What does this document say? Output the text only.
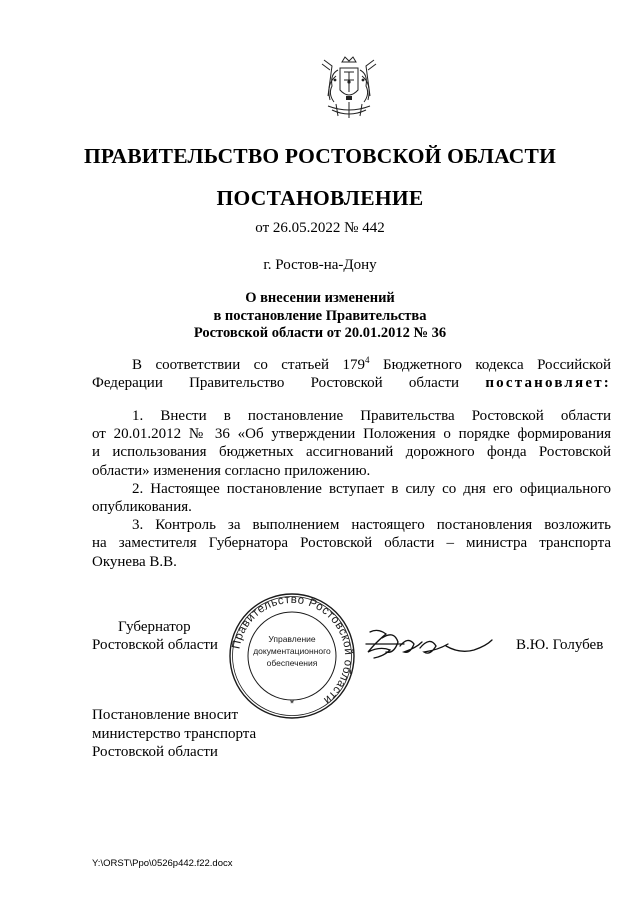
ПРАВИТЕЛЬСТВО РОСТОВСКОЙ ОБЛАСТИ
ПОСТАНОВЛЕНИЕ
от 26.05.2022 № 442
г. Ростов-на-Дону
О внесении изменений
в постановление Правительства
Ростовской области от 20.01.2012 № 36
В соответствии со статьей $179^4$ Бюджетного кодекса Российской
Федерации Правительство Ростовской области постановляет:
1. Внести в постановление Правительства Ростовской области
от 20.01.2012 № 36 «Об утверждении Положения о порядке формирования
и использования бюджетных ассигнований дорожного фонда Ростовской
области» изменения согласно приложению.
2. Настоящее постановление вступает в силу со дня его официального
опубликования.
3. Контроль за выполнением настоящего постановления возложить
на заместителя Губернатора Ростовской области – министра транспорта
Окунева В.В.
Губернатор
Ростовской области Правительство Ростовской области
Управление
документационного
обеспечения
*
В.Ю. Голубев
Постановление вносит
министерство транспорта
Ростовской области
Y:\ORST\Ppo\0526p442.f22.docx
